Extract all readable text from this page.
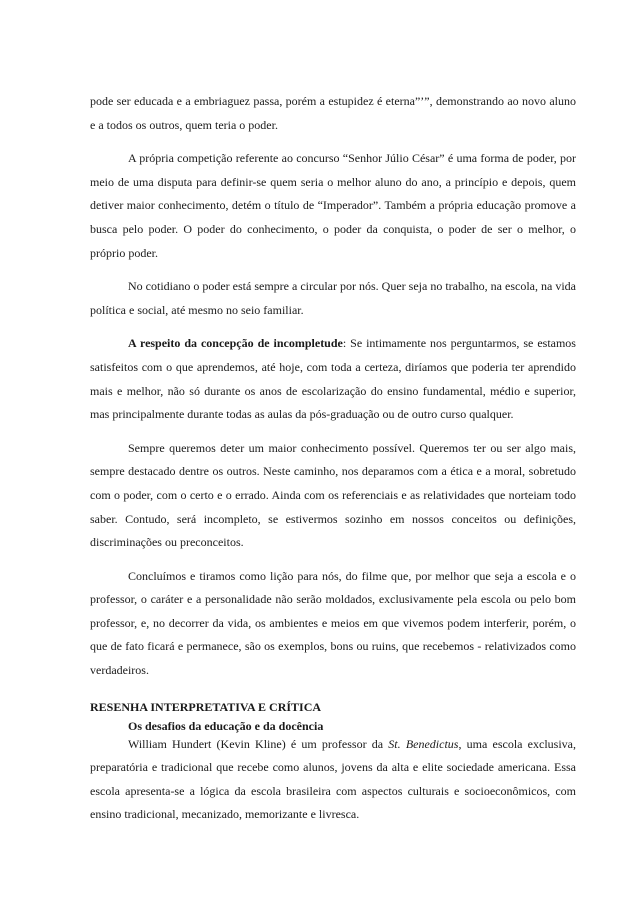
pode ser educada e a embriaguez passa, porém a estupidez é eterna”’”, demonstrando ao novo aluno e a todos os outros, quem teria o poder.

A própria competição referente ao concurso “Senhor Júlio César” é uma forma de poder, por meio de uma disputa para definir-se quem seria o melhor aluno do ano, a princípio e depois, quem detiver maior conhecimento, detém o título de “Imperador”. Também a própria educação promove a busca pelo poder. O poder do conhecimento, o poder da conquista, o poder de ser o melhor, o próprio poder.

No cotidiano o poder está sempre a circular por nós. Quer seja no trabalho, na escola, na vida política e social, até mesmo no seio familiar.

A respeito da concepção de incompletude: Se intimamente nos perguntarmos, se estamos satisfeitos com o que aprendemos, até hoje, com toda a certeza, diríamos que poderia ter aprendido mais e melhor, não só durante os anos de escolarização do ensino fundamental, médio e superior, mas principalmente durante todas as aulas da pós-graduação ou de outro curso qualquer.

Sempre queremos deter um maior conhecimento possível. Queremos ter ou ser algo mais, sempre destacado dentre os outros. Neste caminho, nos deparamos com a ética e a moral, sobretudo com o poder, com o certo e o errado. Ainda com os referenciais e as relatividades que norteiam todo saber. Contudo, será incompleto, se estivermos sozinho em nossos conceitos ou definições, discriminações ou preconceitos.

Concluímos e tiramos como lição para nós, do filme que, por melhor que seja a escola e o professor, o caráter e a personalidade não serão moldados, exclusivamente pela escola ou pelo bom professor, e, no decorrer da vida, os ambientes e meios em que vivemos podem interferir, porém, o que de fato ficará e permanece, são os exemplos, bons ou ruins, que recebemos - relativizados como verdadeiros.

RESENHA INTERPRETATIVA E CRÍTICA
Os desafios da educação e da docência

William Hundert (Kevin Kline) é um professor da St. Benedictus, uma escola exclusiva, preparatória e tradicional que recebe como alunos, jovens da alta e elite sociedade americana. Essa escola apresenta-se a lógica da escola brasileira com aspectos culturais e socioeconômicos, com ensino tradicional, mecanizado, memorizante e livresca.
